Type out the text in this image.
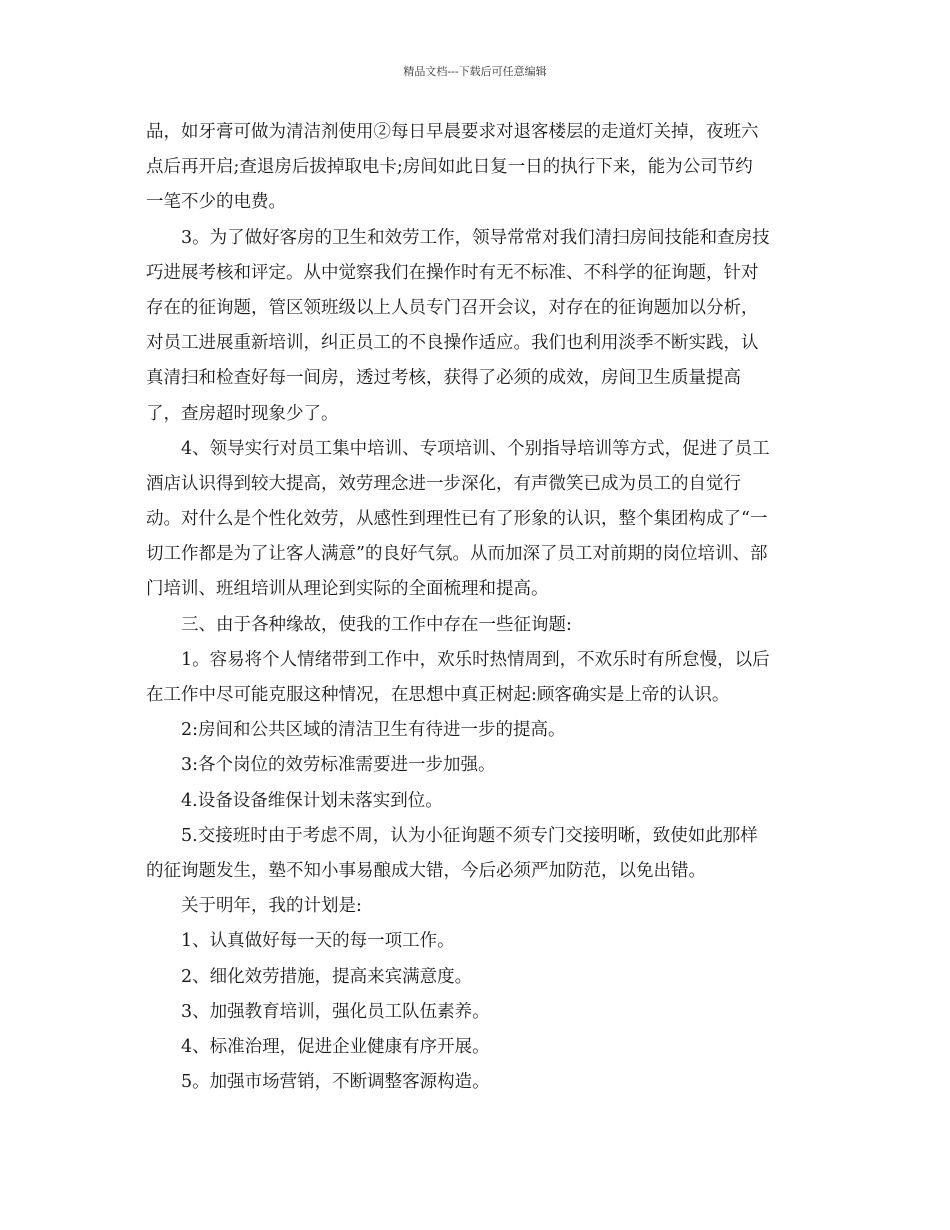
精品文档---下载后可任意编辑
品，如牙膏可做为清洁剂使用②每日早晨要求对退客楼层的走道灯关掉，夜班六
点后再开启;查退房后拔掉取电卡;房间如此日复一日的执行下来，能为公司节约
一笔不少的电费。
3。为了做好客房的卫生和效劳工作，领导常常对我们清扫房间技能和查房技
巧进展考核和评定。从中觉察我们在操作时有无不标准、不科学的征询题，针对
存在的征询题，管区领班级以上人员专门召开会议，对存在的征询题加以分析，
对员工进展重新培训，纠正员工的不良操作适应。我们也利用淡季不断实践，认
真清扫和检查好每一间房，透过考核，获得了必须的成效，房间卫生质量提高
了，查房超时现象少了。
4、领导实行对员工集中培训、专项培训、个别指导培训等方式，促进了员工
酒店认识得到较大提高，效劳理念进一步深化，有声微笑已成为员工的自觉行
动。对什么是个性化效劳，从感性到理性已有了形象的认识，整个集团构成了“一
切工作都是为了让客人满意”的良好气氛。从而加深了员工对前期的岗位培训、部
门培训、班组培训从理论到实际的全面梳理和提高。
三、由于各种缘故，使我的工作中存在一些征询题:
1。容易将个人情绪带到工作中，欢乐时热情周到，不欢乐时有所怠慢，以后
在工作中尽可能克服这种情况，在思想中真正树起:顾客确实是上帝的认识。
2:房间和公共区域的清洁卫生有待进一步的提高。
3:各个岗位的效劳标准需要进一步加强。
4.设备设备维保计划未落实到位。
5.交接班时由于考虑不周，认为小征询题不须专门交接明晰，致使如此那样
的征询题发生，塾不知小事易酿成大错，今后必须严加防范，以免出错。
关于明年，我的计划是:
1、认真做好每一天的每一项工作。
2、细化效劳措施，提高来宾满意度。
3、加强教育培训，强化员工队伍素养。
4、标准治理，促进企业健康有序开展。
5。加强市场营销，不断调整客源构造。
